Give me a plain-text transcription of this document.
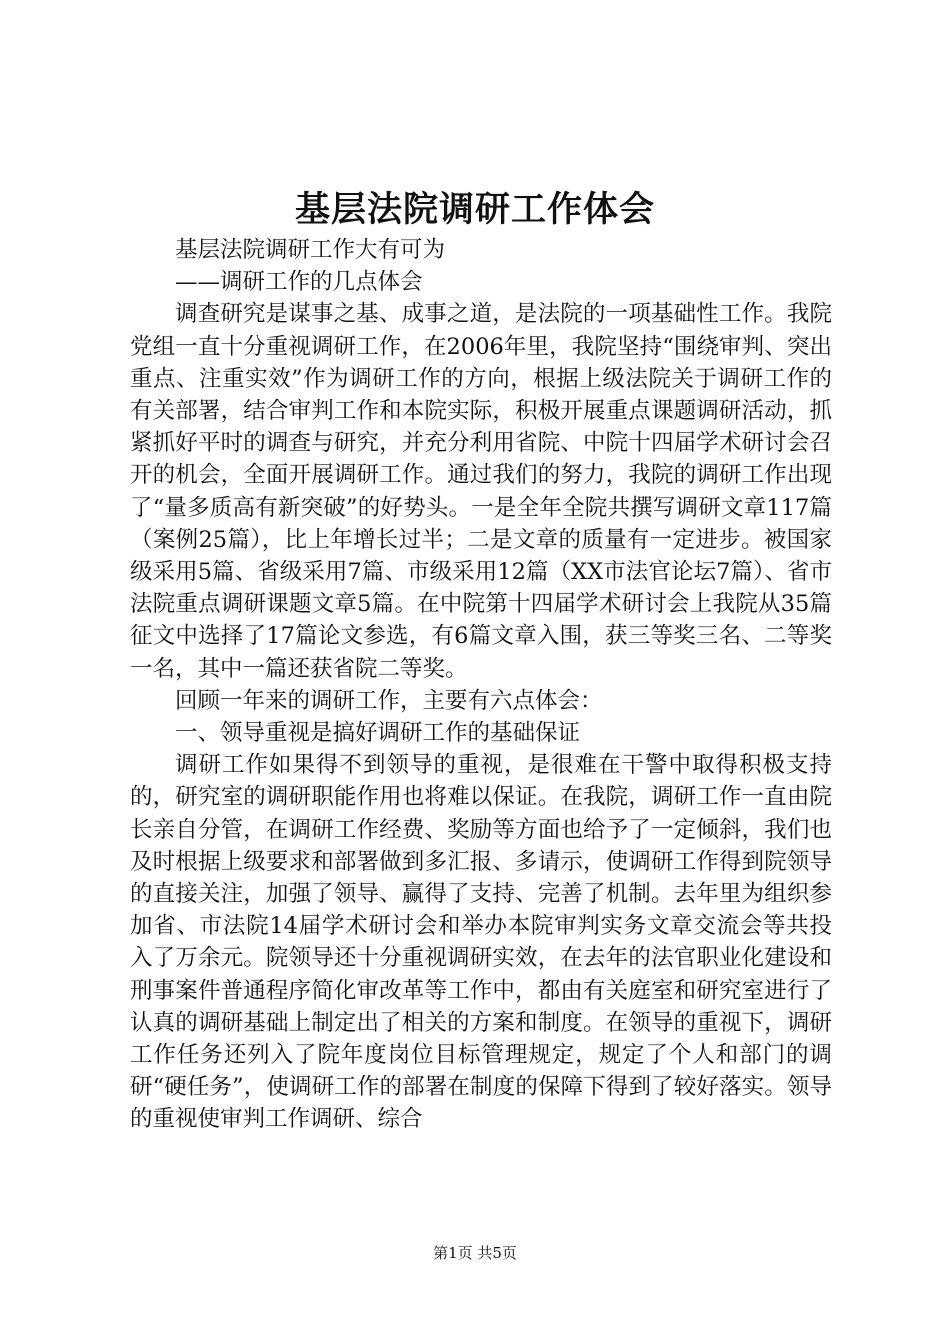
基层法院调研工作体会

基层法院调研工作大有可为

——调研工作的几点体会

调查研究是谋事之基、成事之道，是法院的一项基础性工作。我院党组一直十分重视调研工作，在2006年里，我院坚持“围绕审判、突出重点、注重实效”作为调研工作的方向，根据上级法院关于调研工作的有关部署，结合审判工作和本院实际，积极开展重点课题调研活动，抓紧抓好平时的调查与研究，并充分利用省院、中院十四届学术研讨会召开的机会，全面开展调研工作。通过我们的努力，我院的调研工作出现了“量多质高有新突破”的好势头。一是全年全院共撰写调研文章117篇（案例25篇），比上年增长过半；二是文章的质量有一定进步。被国家级采用5篇、省级采用7篇、市级采用12篇（XX市法官论坛7篇）、省市法院重点调研课题文章5篇。在中院第十四届学术研讨会上我院从35篇征文中选择了17篇论文参选，有6篇文章入围，获三等奖三名、二等奖一名，其中一篇还获省院二等奖。

回顾一年来的调研工作，主要有六点体会：

一、领导重视是搞好调研工作的基础保证

调研工作如果得不到领导的重视，是很难在干警中取得积极支持的，研究室的调研职能作用也将难以保证。在我院，调研工作一直由院长亲自分管，在调研工作经费、奖励等方面也给予了一定倾斜，我们也及时根据上级要求和部署做到多汇报、多请示，使调研工作得到院领导的直接关注，加强了领导、赢得了支持、完善了机制。去年里为组织参加省、市法院14届学术研讨会和举办本院审判实务文章交流会等共投入了万余元。院领导还十分重视调研实效，在去年的法官职业化建设和刑事案件普通程序简化审改革等工作中，都由有关庭室和研究室进行了认真的调研基础上制定出了相关的方案和制度。在领导的重视下，调研工作任务还列入了院年度岗位目标管理规定，规定了个人和部门的调研“硬任务”，使调研工作的部署在制度的保障下得到了较好落实。领导的重视使审判工作调研、综合

第1页 共5页
